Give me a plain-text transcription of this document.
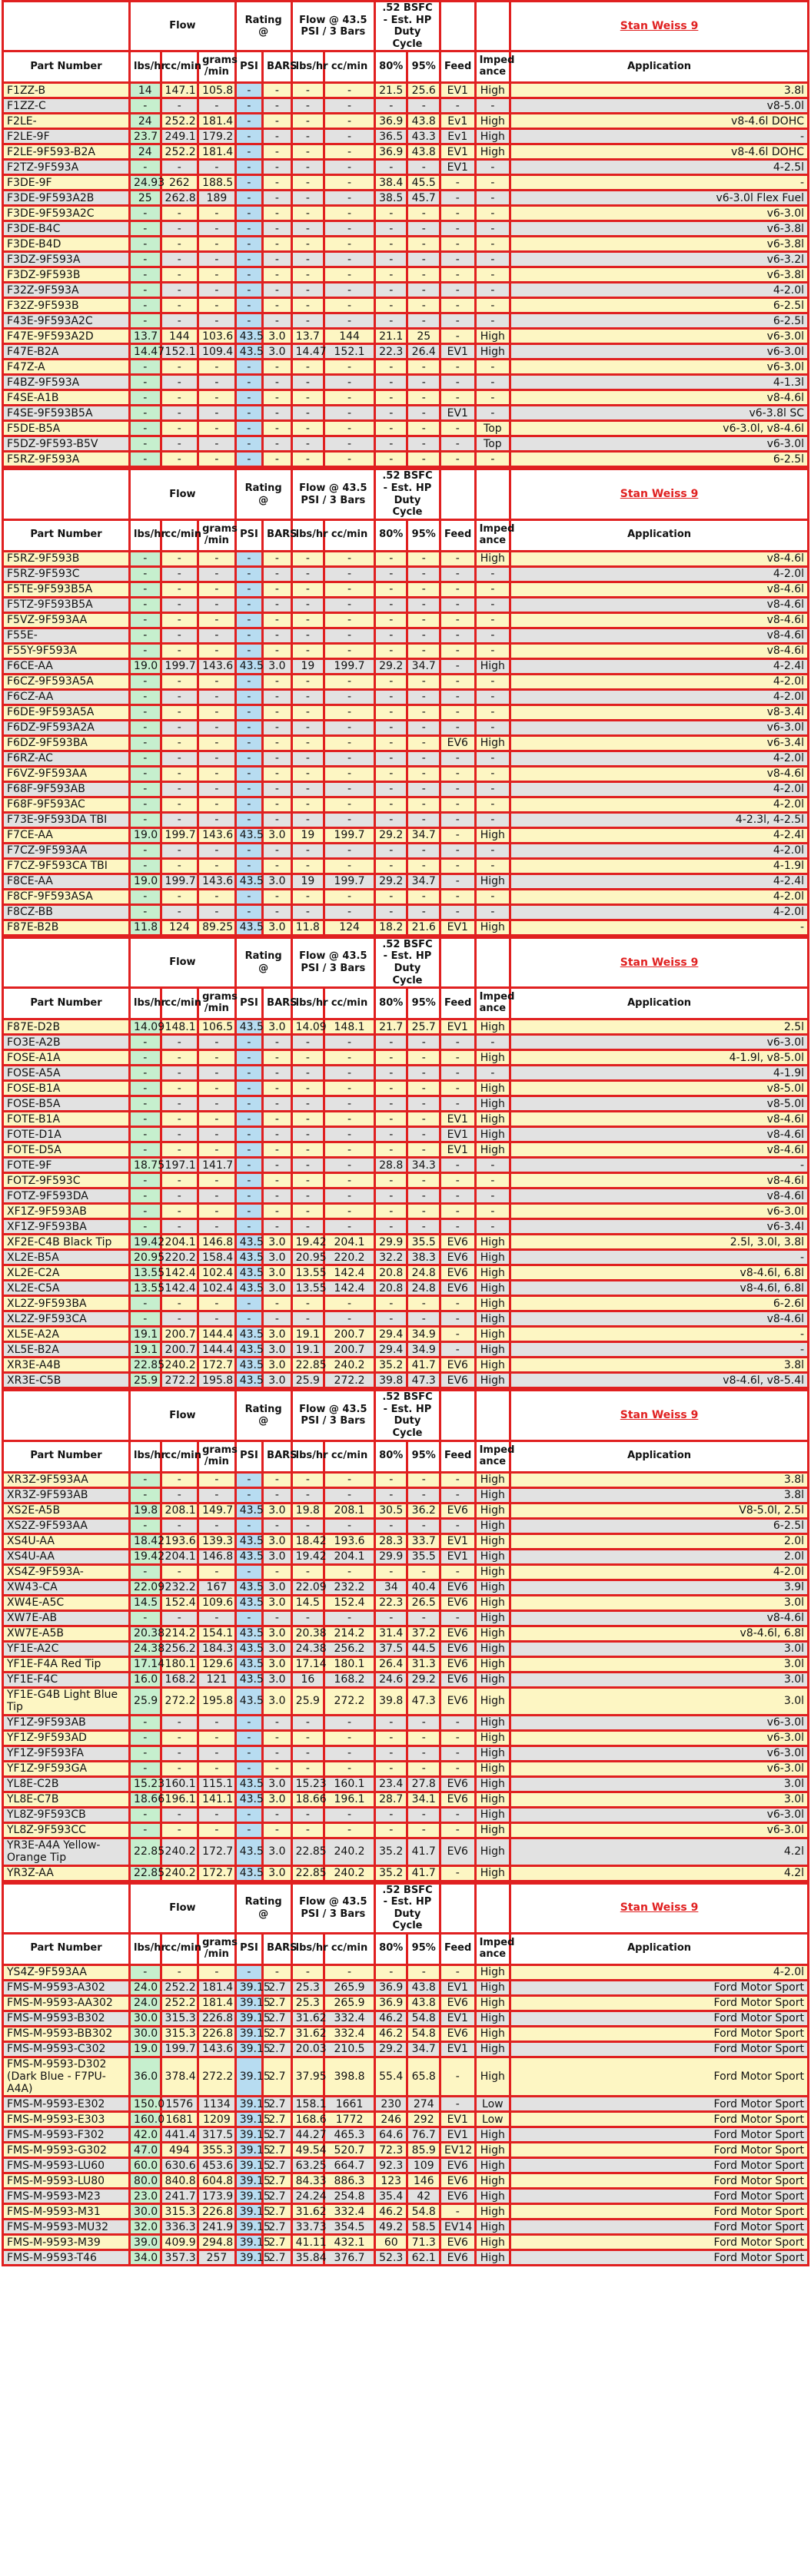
	Flow			Rating @		Flow @ 43.5 PSI / 3 Bars		.52 BSFC - Est. HP Duty Cycle				Stan Weiss 9
Part Number	lbs/hr	cc/min	grams /min	PSI	BARS	lbs/hr	cc/min	80%	95%	Feed	Imped ance	Application
F1ZZ-B	14	147.1	105.8	-	-	-	-	21.5	25.6	EV1	High	3.8l
F1ZZ-C	-	-	-	-	-	-	-	-	-	-	-	v8-5.0l
F2LE-	24	252.2	181.4	-	-	-	-	36.9	43.8	Ev1	High	v8-4.6l DOHC
F2LE-9F	23.7	249.1	179.2	-	-	-	-	36.5	43.3	Ev1	High	-
F2LE-9F593-B2A	24	252.2	181.4	-	-	-	-	36.9	43.8	EV1	High	v8-4.6l DOHC
F2TZ-9F593A	-	-	-	-	-	-	-	-	-	EV1	-	4-2.5l
F3DE-9F	24.93	262	188.5	-	-	-	-	38.4	45.5	-	-	-
F3DE-9F593A2B	25	262.8	189	-	-	-	-	38.5	45.7	-	-	v6-3.0l Flex Fuel
F3DE-9F593A2C	-	-	-	-	-	-	-	-	-	-	-	v6-3.0l
F3DE-B4C	-	-	-	-	-	-	-	-	-	-	-	v6-3.8l
F3DE-B4D	-	-	-	-	-	-	-	-	-	-	-	v6-3.8l
F3DZ-9F593A	-	-	-	-	-	-	-	-	-	-	-	v6-3.2l
F3DZ-9F593B	-	-	-	-	-	-	-	-	-	-	-	v6-3.8l
F32Z-9F593A	-	-	-	-	-	-	-	-	-	-	-	4-2.0l
F32Z-9F593B	-	-	-	-	-	-	-	-	-	-	-	6-2.5l
F43E-9F593A2C	-	-	-	-	-	-	-	-	-	-	-	6-2.5l
F47E-9F593A2D	13.7	144	103.6	43.5	3.0	13.7	144	21.1	25	-	High	v6-3.0l
F47E-B2A	14.47	152.1	109.4	43.5	3.0	14.47	152.1	22.3	26.4	EV1	High	v6-3.0l
F47Z-A	-	-	-	-	-	-	-	-	-	-	-	v6-3.0l
F4BZ-9F593A	-	-	-	-	-	-	-	-	-	-	-	4-1.3l
F4SE-A1B	-	-	-	-	-	-	-	-	-	-	-	v8-4.6l
F4SE-9F593B5A	-	-	-	-	-	-	-	-	-	EV1	-	v6-3.8l SC
F5DE-B5A	-	-	-	-	-	-	-	-	-	-	Top	v6-3.0l, v8-4.6l
F5DZ-9F593-B5V	-	-	-	-	-	-	-	-	-	-	Top	v6-3.0l
F5RZ-9F593A	-	-	-	-	-	-	-	-	-	-	-	6-2.5l
	Flow			Rating @		Flow @ 43.5 PSI / 3 Bars		.52 BSFC - Est. HP Duty Cycle				Stan Weiss 9
Part Number	lbs/hr	cc/min	grams /min	PSI	BARS	lbs/hr	cc/min	80%	95%	Feed	Imped ance	Application
F5RZ-9F593B	-	-	-	-	-	-	-	-	-	-	High	v8-4.6l
F5RZ-9F593C	-	-	-	-	-	-	-	-	-	-	-	4-2.0l
F5TE-9F593B5A	-	-	-	-	-	-	-	-	-	-	-	v8-4.6l
F5TZ-9F593B5A	-	-	-	-	-	-	-	-	-	-	-	v8-4.6l
F5VZ-9F593AA	-	-	-	-	-	-	-	-	-	-	-	v8-4.6l
F55E-	-	-	-	-	-	-	-	-	-	-	-	v8-4.6l
F55Y-9F593A	-	-	-	-	-	-	-	-	-	-	-	v8-4.6l
F6CE-AA	19.0	199.7	143.6	43.5	3.0	19	199.7	29.2	34.7	-	High	4-2.4l
F6CZ-9F593A5A	-	-	-	-	-	-	-	-	-	-	-	4-2.0l
F6CZ-AA	-	-	-	-	-	-	-	-	-	-	-	4-2.0l
F6DE-9F593A5A	-	-	-	-	-	-	-	-	-	-	-	v8-3.4l
F6DZ-9F593A2A	-	-	-	-	-	-	-	-	-	-	-	v6-3.0l
F6DZ-9F593BA	-	-	-	-	-	-	-	-	-	EV6	High	v6-3.4l
F6RZ-AC	-	-	-	-	-	-	-	-	-	-	-	4-2.0l
F6VZ-9F593AA	-	-	-	-	-	-	-	-	-	-	-	v8-4.6l
F68F-9F593AB	-	-	-	-	-	-	-	-	-	-	-	4-2.0l
F68F-9F593AC	-	-	-	-	-	-	-	-	-	-	-	4-2.0l
F73E-9F593DA TBI	-	-	-	-	-	-	-	-	-	-	-	4-2.3l, 4-2.5l
F7CE-AA	19.0	199.7	143.6	43.5	3.0	19	199.7	29.2	34.7	-	High	4-2.4l
F7CZ-9F593AA	-	-	-	-	-	-	-	-	-	-	-	4-2.0l
F7CZ-9F593CA TBI	-	-	-	-	-	-	-	-	-	-	-	4-1.9l
F8CE-AA	19.0	199.7	143.6	43.5	3.0	19	199.7	29.2	34.7	-	High	4-2.4l
F8CF-9F593ASA	-	-	-	-	-	-	-	-	-	-	-	4-2.0l
F8CZ-BB	-	-	-	-	-	-	-	-	-	-	-	4-2.0l
F87E-B2B	11.8	124	89.25	43.5	3.0	11.8	124	18.2	21.6	EV1	High	-
	Flow			Rating @		Flow @ 43.5 PSI / 3 Bars		.52 BSFC - Est. HP Duty Cycle				Stan Weiss 9
Part Number	lbs/hr	cc/min	grams /min	PSI	BARS	lbs/hr	cc/min	80%	95%	Feed	Imped ance	Application
F87E-D2B	14.09	148.1	106.5	43.5	3.0	14.09	148.1	21.7	25.7	EV1	High	2.5l
FO3E-A2B	-	-	-	-	-	-	-	-	-	-	-	v6-3.0l
FOSE-A1A	-	-	-	-	-	-	-	-	-	-	High	4-1.9l, v8-5.0l
FOSE-A5A	-	-	-	-	-	-	-	-	-	-	-	4-1.9l
FOSE-B1A	-	-	-	-	-	-	-	-	-	-	High	v8-5.0l
FOSE-B5A	-	-	-	-	-	-	-	-	-	-	High	v8-5.0l
FOTE-B1A	-	-	-	-	-	-	-	-	-	EV1	High	v8-4.6l
FOTE-D1A	-	-	-	-	-	-	-	-	-	EV1	High	v8-4.6l
FOTE-D5A	-	-	-	-	-	-	-	-	-	EV1	High	v8-4.6l
FOTE-9F	18.75	197.1	141.7	-	-	-	-	28.8	34.3	-	-	-
FOTZ-9F593C	-	-	-	-	-	-	-	-	-	-	-	v8-4.6l
FOTZ-9F593DA	-	-	-	-	-	-	-	-	-	-	-	v8-4.6l
XF1Z-9F593AB	-	-	-	-	-	-	-	-	-	-	-	v6-3.0l
XF1Z-9F593BA	-	-	-	-	-	-	-	-	-	-	-	v6-3.4l
XF2E-C4B Black Tip	19.42	204.1	146.8	43.5	3.0	19.42	204.1	29.9	35.5	EV6	High	2.5l, 3.0l, 3.8l
XL2E-B5A	20.95	220.2	158.4	43.5	3.0	20.95	220.2	32.2	38.3	EV6	High	-
XL2E-C2A	13.55	142.4	102.4	43.5	3.0	13.55	142.4	20.8	24.8	EV6	High	v8-4.6l, 6.8l
XL2E-C5A	13.55	142.4	102.4	43.5	3.0	13.55	142.4	20.8	24.8	EV6	High	v8-4.6l, 6.8l
XL2Z-9F593BA	-	-	-	-	-	-	-	-	-	-	High	6-2.6l
XL2Z-9F593CA	-	-	-	-	-	-	-	-	-	-	High	v8-4.6l
XL5E-A2A	19.1	200.7	144.4	43.5	3.0	19.1	200.7	29.4	34.9	-	High	-
XL5E-B2A	19.1	200.7	144.4	43.5	3.0	19.1	200.7	29.4	34.9	-	High	-
XR3E-A4B	22.85	240.2	172.7	43.5	3.0	22.85	240.2	35.2	41.7	EV6	High	3.8l
XR3E-C5B	25.9	272.2	195.8	43.5	3.0	25.9	272.2	39.8	47.3	EV6	High	v8-4.6l, v8-5.4l
	Flow			Rating @		Flow @ 43.5 PSI / 3 Bars		.52 BSFC - Est. HP Duty Cycle				Stan Weiss 9
Part Number	lbs/hr	cc/min	grams /min	PSI	BARS	lbs/hr	cc/min	80%	95%	Feed	Imped ance	Application
XR3Z-9F593AA	-	-	-	-	-	-	-	-	-	-	High	3.8l
XR3Z-9F593AB	-	-	-	-	-	-	-	-	-	-	High	3.8l
XS2E-A5B	19.8	208.1	149.7	43.5	3.0	19.8	208.1	30.5	36.2	EV6	High	V8-5.0l, 2.5l
XS2Z-9F593AA	-	-	-	-	-	-	-	-	-	-	High	6-2.5l
XS4U-AA	18.42	193.6	139.3	43.5	3.0	18.42	193.6	28.3	33.7	EV1	High	2.0l
XS4U-AA	19.42	204.1	146.8	43.5	3.0	19.42	204.1	29.9	35.5	EV1	High	2.0l
XS4Z-9F593A-	-	-	-	-	-	-	-	-	-	-	High	4-2.0l
XW43-CA	22.09	232.2	167	43.5	3.0	22.09	232.2	34	40.4	EV6	High	3.9l
XW4E-A5C	14.5	152.4	109.6	43.5	3.0	14.5	152.4	22.3	26.5	EV6	High	3.0l
XW7E-AB	-	-	-	-	-	-	-	-	-	-	High	v8-4.6l
XW7E-A5B	20.38	214.2	154.1	43.5	3.0	20.38	214.2	31.4	37.2	EV6	High	v8-4.6l, 6.8l
YF1E-A2C	24.38	256.2	184.3	43.5	3.0	24.38	256.2	37.5	44.5	EV6	High	3.0l
YF1E-F4A Red Tip	17.14	180.1	129.6	43.5	3.0	17.14	180.1	26.4	31.3	EV6	High	3.0l
YF1E-F4C	16.0	168.2	121	43.5	3.0	16	168.2	24.6	29.2	EV6	High	3.0l
YF1E-G4B Light Blue Tip	25.9	272.2	195.8	43.5	3.0	25.9	272.2	39.8	47.3	EV6	High	3.0l
YF1Z-9F593AB	-	-	-	-	-	-	-	-	-	-	High	v6-3.0l
YF1Z-9F593AD	-	-	-	-	-	-	-	-	-	-	High	v6-3.0l
YF1Z-9F593FA	-	-	-	-	-	-	-	-	-	-	High	v6-3.0l
YF1Z-9F593GA	-	-	-	-	-	-	-	-	-	-	High	v6-3.0l
YL8E-C2B	15.23	160.1	115.1	43.5	3.0	15.23	160.1	23.4	27.8	EV6	High	3.0l
YL8E-C7B	18.66	196.1	141.1	43.5	3.0	18.66	196.1	28.7	34.1	EV6	High	3.0l
YL8Z-9F593CB	-	-	-	-	-	-	-	-	-	-	High	v6-3.0l
YL8Z-9F593CC	-	-	-	-	-	-	-	-	-	-	High	v6-3.0l
YR3E-A4A Yellow-Orange Tip	22.85	240.2	172.7	43.5	3.0	22.85	240.2	35.2	41.7	EV6	High	4.2l
YR3Z-AA	22.85	240.2	172.7	43.5	3.0	22.85	240.2	35.2	41.7	-	High	4.2l
	Flow			Rating @		Flow @ 43.5 PSI / 3 Bars		.52 BSFC - Est. HP Duty Cycle				Stan Weiss 9
Part Number	lbs/hr	cc/min	grams /min	PSI	BARS	lbs/hr	cc/min	80%	95%	Feed	Imped ance	Application
YS4Z-9F593AA	-	-	-	-	-	-	-	-	-	-	High	4-2.0l
FMS-M-9593-A302	24.0	252.2	181.4	39.15	2.7	25.3	265.9	36.9	43.8	EV1	High	Ford Motor Sport
FMS-M-9593-AA302	24.0	252.2	181.4	39.15	2.7	25.3	265.9	36.9	43.8	EV6	High	Ford Motor Sport
FMS-M-9593-B302	30.0	315.3	226.8	39.15	2.7	31.62	332.4	46.2	54.8	EV1	High	Ford Motor Sport
FMS-M-9593-BB302	30.0	315.3	226.8	39.15	2.7	31.62	332.4	46.2	54.8	EV6	High	Ford Motor Sport
FMS-M-9593-C302	19.0	199.7	143.6	39.15	2.7	20.03	210.5	29.2	34.7	EV1	High	Ford Motor Sport
FMS-M-9593-D302 (Dark Blue - F7PU-A4A)	36.0	378.4	272.2	39.15	2.7	37.95	398.8	55.4	65.8	-	High	Ford Motor Sport
FMS-M-9593-E302	150.0	1576	1134	39.15	2.7	158.1	1661	230	274	-	Low	Ford Motor Sport
FMS-M-9593-E303	160.0	1681	1209	39.15	2.7	168.6	1772	246	292	EV1	Low	Ford Motor Sport
FMS-M-9593-F302	42.0	441.4	317.5	39.15	2.7	44.27	465.3	64.6	76.7	EV1	High	Ford Motor Sport
FMS-M-9593-G302	47.0	494	355.3	39.15	2.7	49.54	520.7	72.3	85.9	EV12	High	Ford Motor Sport
FMS-M-9593-LU60	60.0	630.6	453.6	39.15	2.7	63.25	664.7	92.3	109	EV6	High	Ford Motor Sport
FMS-M-9593-LU80	80.0	840.8	604.8	39.15	2.7	84.33	886.3	123	146	EV6	High	Ford Motor Sport
FMS-M-9593-M23	23.0	241.7	173.9	39.15	2.7	24.24	254.8	35.4	42	EV6	High	Ford Motor Sport
FMS-M-9593-M31	30.0	315.3	226.8	39.15	2.7	31.62	332.4	46.2	54.8	-	High	Ford Motor Sport
FMS-M-9593-MU32	32.0	336.3	241.9	39.15	2.7	33.73	354.5	49.2	58.5	EV14	High	Ford Motor Sport
FMS-M-9593-M39	39.0	409.9	294.8	39.15	2.7	41.11	432.1	60	71.3	EV6	High	Ford Motor Sport
FMS-M-9593-T46	34.0	357.3	257	39.15	2.7	35.84	376.7	52.3	62.1	EV6	High	Ford Motor Sport
